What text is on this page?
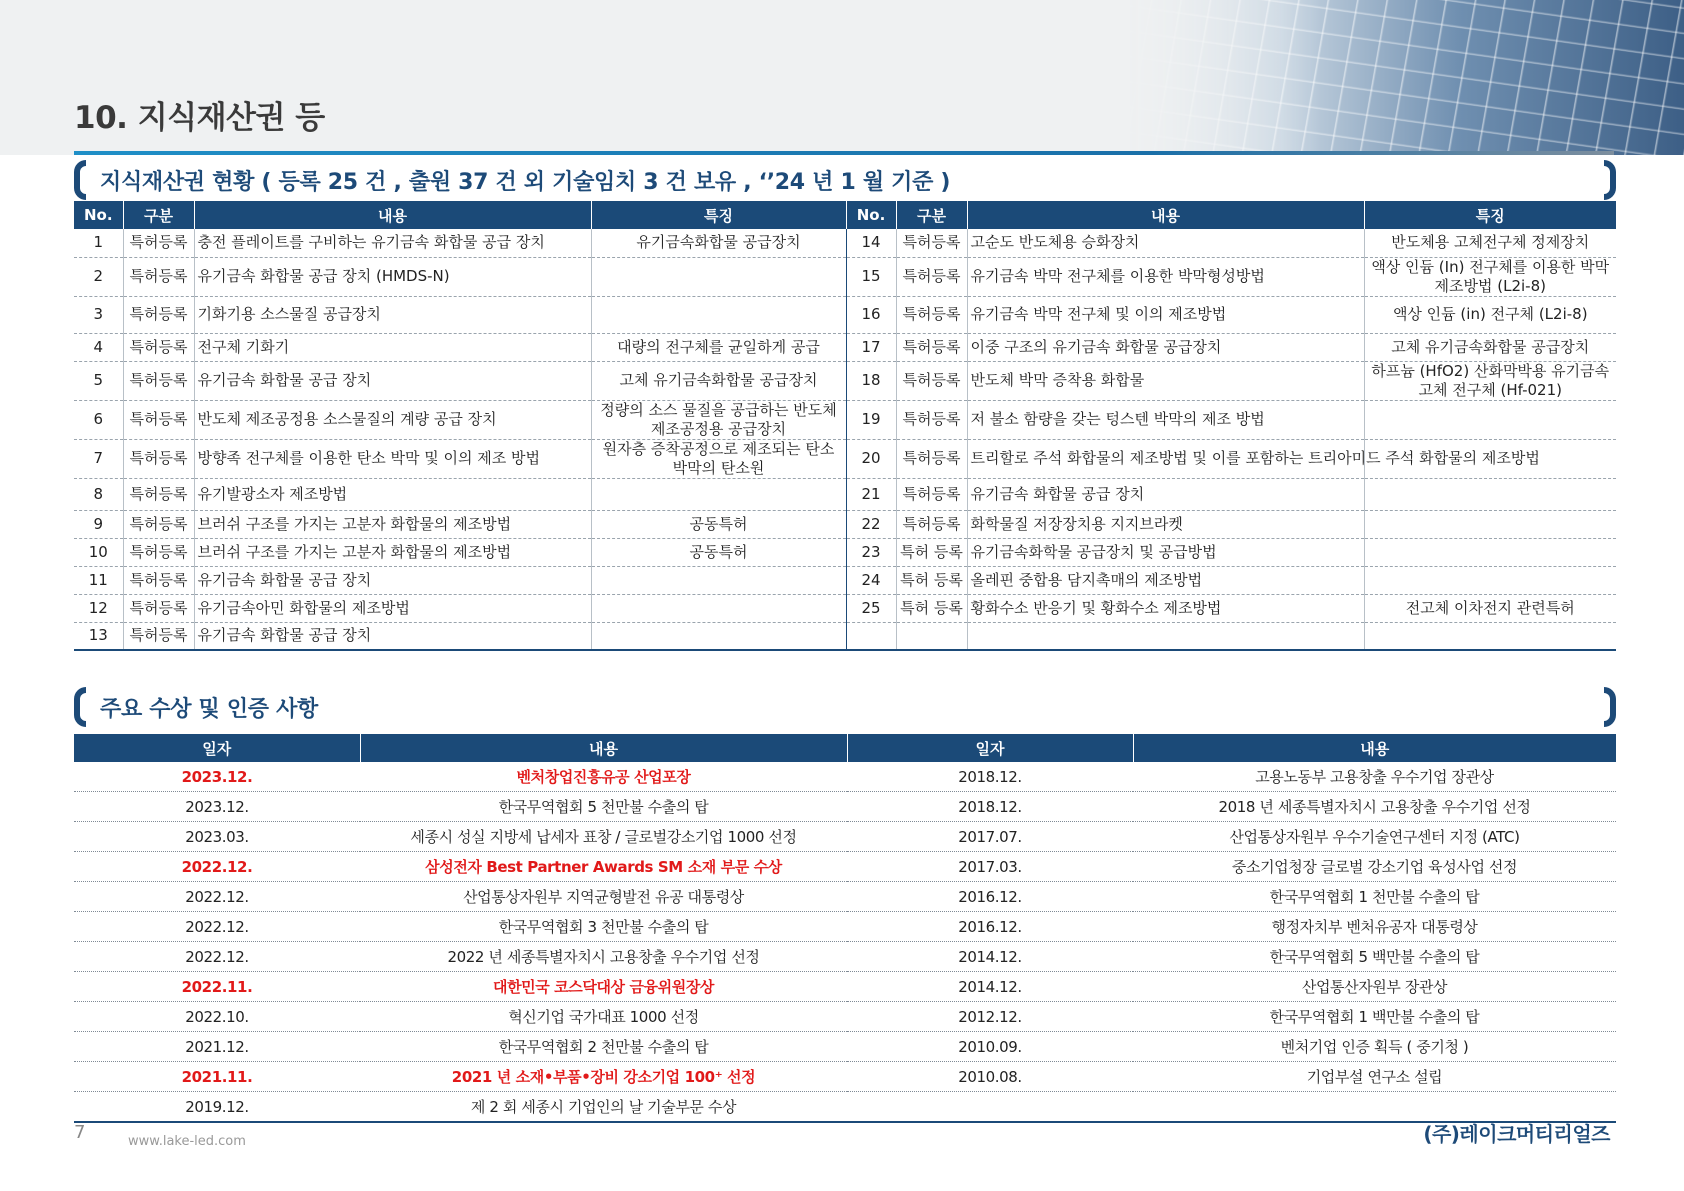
10. 지식재산권 등
지식재산권 현황 ( 등록 25 건 , 출원 37 건 외 기술임치 3 건 보유 , ‘’24 년 1 월 기준 )
No.	구분	내용	특징	No.	구분	내용	특징
1	특허등록	충전 플레이트를 구비하는 유기금속 화합물 공급 장치	유기금속화합물 공급장치	14	특허등록	고순도 반도체용 승화장치	반도체용 고체전구체 정제장치
2	특허등록	유기금속 화합물 공급 장치 (HMDS-N)		15	특허등록	유기금속 박막 전구체를 이용한 박막형성방법	액상 인듐 (In) 전구체를 이용한 박막제조방법 (L2i-8)
3	특허등록	기화기용 소스물질 공급장치		16	특허등록	유기금속 박막 전구체 및 이의 제조방법	액상 인듐 (in) 전구체 (L2i-8)
4	특허등록	전구체 기화기	대량의 전구체를 균일하게 공급	17	특허등록	이중 구조의 유기금속 화합물 공급장치	고체 유기금속화합물 공급장치
5	특허등록	유기금속 화합물 공급 장치	고체 유기금속화합물 공급장치	18	특허등록	반도체 박막 증착용 화합물	하프늄 (HfO2) 산화막박용 유기금속 고체 전구체 (Hf-021)
6	특허등록	반도체 제조공정용 소스물질의 계량 공급 장치	정량의 소스 물질을 공급하는 반도체 제조공정용 공급장치	19	특허등록	저 불소 함량을 갖는 텅스텐 박막의 제조 방법	
7	특허등록	방향족 전구체를 이용한 탄소 박막 및 이의 제조 방법	원자층 증착공정으로 제조되는 탄소 박막의 탄소원	20	특허등록	트리할로 주석 화합물의 제조방법 및 이를 포함하는 트리아미드 주석 화합물의 제조방법	
8	특허등록	유기발광소자 제조방법		21	특허등록	유기금속 화합물 공급 장치	
9	특허등록	브러쉬 구조를 가지는 고분자 화합물의 제조방법	공동특허	22	특허등록	화학물질 저장장치용 지지브라켓	
10	특허등록	브러쉬 구조를 가지는 고분자 화합물의 제조방법	공동특허	23	특허 등록	유기금속화학물 공급장치 및 공급방법	
11	특허등록	유기금속 화합물 공급 장치		24	특허 등록	올레핀 중합용 담지촉매의 제조방법	
12	특허등록	유기금속아민 화합물의 제조방법		25	특허 등록	황화수소 반응기 및 황화수소 제조방법	전고체 이차전지 관련특허
13	특허등록	유기금속 화합물 공급 장치					
주요 수상 및 인증 사항
일자	내용	일자	내용
2023.12.	벤처창업진흥유공 산업포장	2018.12.	고용노동부 고용창출 우수기업 장관상
2023.12.	한국무역협회 5 천만불 수출의 탑	2018.12.	2018 년 세종특별자치시 고용창출 우수기업 선정
2023.03.	세종시 성실 지방세 납세자 표창 / 글로벌강소기업 1000 선정	2017.07.	산업통상자원부 우수기술연구센터 지정 (ATC)
2022.12.	삼성전자 Best Partner Awards SM 소재 부문 수상	2017.03.	중소기업청장 글로벌 강소기업 육성사업 선정
2022.12.	산업통상자원부 지역균형발전 유공 대통령상	2016.12.	한국무역협회 1 천만불 수출의 탑
2022.12.	한국무역협회 3 천만불 수출의 탑	2016.12.	행정자치부 벤처유공자 대통령상
2022.12.	2022 년 세종특별자치시 고용창출 우수기업 선정	2014.12.	한국무역협회 5 백만불 수출의 탑
2022.11.	대한민국 코스닥대상 금융위원장상	2014.12.	산업통산자원부 장관상
2022.10.	혁신기업 국가대표 1000 선정	2012.12.	한국무역협회 1 백만불 수출의 탑
2021.12.	한국무역협회 2 천만불 수출의 탑	2010.09.	벤처기업 인증 획득 ( 중기청 )
2021.11.	2021 년 소재•부품•장비 강소기업 100⁺ 선정	2010.08.	기업부설 연구소 설립
2019.12.	제 2 회 세종시 기업인의 날 기술부문 수상		
7	www.lake-led.com	(주)레이크머티리얼즈
